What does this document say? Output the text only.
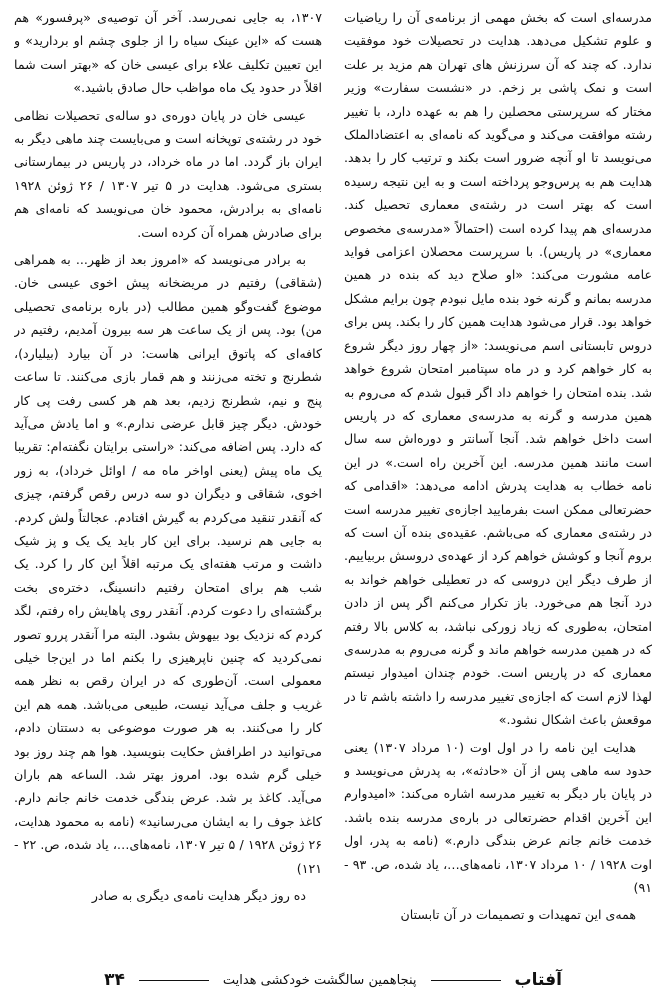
مدرسه‌ای است که بخش مهمی از برنامه‌ی آن را ریاضیات و علوم تشکیل می‌دهد. هدایت در تحصیلات خود موفقیت ندارد. که چند که آن سرزنش های تهران هم مزید بر علت است و نمک پاشی بر زخم. در «نشست سفارت» وزیر مختار که سرپرستی محصلین را هم به عهده دارد، با تغییر رشته موافقت می‌کند و می‌گوید که نامه‌ای به اعتضادالملک می‌نویسد تا او آنچه ضرور است بکند و ترتیب کار را بدهد. هدایت هم به پرس‌وجو پرداخته است و به این نتیجه رسیده است که بهتر است در رشته‌ی معماری تحصیل کند. مدرسه‌ای هم پیدا کرده است (احتمالاً «مدرسه‌ی مخصوص معماری» در پاریس). با سرپرست محصلان اعزامی فواید عامه مشورت می‌کند: «او صلاح دید که بنده در همین مدرسه بمانم و گرنه خود بنده مایل نبودم چون برایم مشکل خواهد بود. قرار می‌شود هدایت همین کار را بکند. پس برای دروس تابستانی اسم می‌نویسد: «از چهار روز دیگر شروع به کار خواهم کرد و در ماه سپتامبر امتحان شروع خواهد شد. بنده امتحان را خواهم داد اگر قبول شدم که می‌روم به همین مدرسه و گرنه به مدرسه‌ی معماری که در پاریس است داخل خواهم شد. آنجا آسانتر و دوره‌اش سه سال است مانند همین مدرسه. این آخرین راه است.» در این نامه خطاب به هدایت پدرش ادامه می‌دهد: «اقدامی که حضرتعالی ممکن است بفرمایید اجازه‌ی تغییر مدرسه است در رشته‌ی معماری که می‌باشم. عقیده‌ی بنده آن است که بروم آنجا و کوشش خواهم کرد از عهده‌ی دروسش بربیاییم. از طرف دیگر این دروسی که در تعطیلی خواهم خواند به درد آنجا هم می‌خورد. باز تکرار می‌کنم اگر پس از دادن امتحان، به‌طوری که زیاد زورکی نباشد، به کلاس بالا رفتم که در همین مدرسه خواهم ماند و گرنه می‌روم به مدرسه‌ی معماری که در پاریس است. خودم چندان امیدوار نیستم لهذا لازم است که اجازه‌ی تغییر مدرسه را داشته باشم تا در موقعش باعث اشکال نشود.»

هدایت این نامه را در اول اوت (۱۰ مرداد ۱۳۰۷) یعنی حدود سه ماهی پس از آن «حادثه»، به پدرش می‌نویسد و در پایان بار دیگر به تغییر مدرسه اشاره می‌کند: «امیدوارم این آخرین اقدام حضرتعالی در باره‌ی مدرسه بنده باشد. خدمت خانم جانم عرض بندگی دارم.» (نامه به پدر، اول اوت ۱۹۲۸ / ۱۰ مرداد ۱۳۰۷، نامه‌های…، یاد شده، ص. ۹۳ - ۹۱)

همه‌ی این تمهیدات و تصمیمات در آن تابستان

۱۳۰۷، به جایی نمی‌رسد. آخر آن توصیه‌ی «پرفسور» هم هست که «این عینک سیاه را از جلوی چشم او بردارید» و این تعیین تکلیف علاء برای عیسی خان که «بهتر است شما اقلاً در حدود یک ماه مواظب حال صادق باشید.»

عیسی خان در پایان دوره‌ی دو ساله‌ی تحصیلات نظامی خود در رشته‌ی توپخانه است و می‌بایست چند ماهی دیگر به ایران باز گردد. اما در ماه خرداد، در پاریس در بیمارستانی بستری می‌شود. هدایت در ۵ تیر ۱۳۰۷ / ۲۶ ژوئن ۱۹۲۸ نامه‌ای به برادرش، محمود خان می‌نویسد که نامه‌ای هم برای صادرش همراه آن کرده است.

به برادر می‌نویسد که «امروز بعد از ظهر... به همراهی (شقاقی) رفتیم در مریضخانه پیش اخوی عیسی خان. موضوع گفت‌وگو همین مطالب (در باره برنامه‌ی تحصیلی من) بود. پس از یک ساعت هر سه بیرون آمدیم، رفتیم در کافه‌ای که پاتوق ایرانی هاست: در آن بیارد (بیلیارد)، شطرنج و تخته می‌زنند و هم قمار بازی می‌کنند. تا ساعت پنج و نیم، شطرنج زدیم، بعد هم هر کسی رفت پی کار خودش. دیگر چیز قابل عرضی ندارم.» و اما یادش می‌آید که دارد. پس اضافه می‌کند: «راستی برایتان نگفته‌ام: تقریبا یک ماه پیش (یعنی اواخر ماه مه / اوائل خرداد)، به زور اخوی، شقاقی و دیگران دو سه درس رقص گرفتم، چیزی که آنقدر تنقید می‌کردم به گیرش افتادم. عجالتاً ولش کردم. به جایی هم نرسید. برای این کار باید یک یک و پز شیک داشت و مرتب هفته‌ای یک مرتبه اقلاً این کار را کرد. یک شب هم برای امتحان رفتیم دانسینگ، دختره‌ی بخت برگشته‌ای را دعوت کردم. آنقدر روی پاهایش راه رفتم، لگد کردم که نزدیک بود بیهوش بشود. البته مرا آنقدر پررو تصور نمی‌کردید که چنین ناپرهیزی را بکنم اما در این‌جا خیلی معمولی است. آن‌طوری که در ایران رقص به نظر همه غریب و جلف می‌آید نیست، طبیعی می‌باشد. همه هم این کار را می‌کنند. به هر صورت موضوعی به دستتان دادم، می‌توانید در اطرافش حکایت بنویسید. هوا هم چند روز بود خیلی گرم شده بود. امروز بهتر شد. الساعه هم باران می‌آید. کاغذ بر شد. عرض بندگی خدمت خانم جانم دارم. کاغذ جوف را به ایشان می‌رسانید» (نامه به محمود هدایت، ۲۶ ژوئن ۱۹۲۸ / ۵ تیر ۱۳۰۷، نامه‌های…، یاد شده، ص. ۲۲ - ۱۲۱)

ده روز دیگر هدایت نامه‌ی دیگری به صادر

آفتاب
پنجاهمین سالگشت خودکشی هدایت
۳۴
